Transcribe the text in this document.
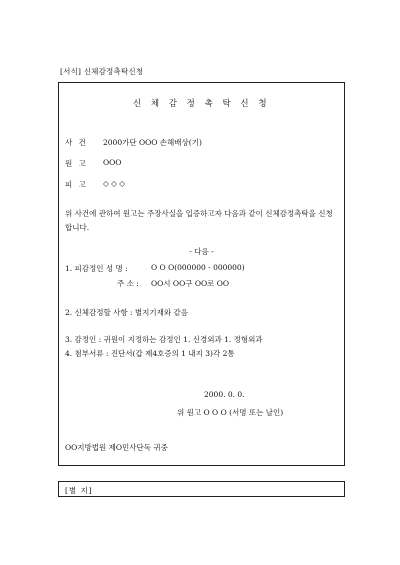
[서식] 신체감정촉탁신청
신 체 감 정 촉 탁 신 청
사 건 2000가단 OOO 손해배상(기)
원 고 OOO
피 고 ◇ ◇ ◇
위 사건에 관하여 원고는 주장사실을 입증하고자 다음과 같이 신체감정촉탁을 신청합니다.
- 다음 -
1. 피감정인 성 명 :	O O O(000000 - 000000)
주 소 : OO시 OO구 OO로 OO
2. 신체감정할 사항 : 별지기재와 같음
3. 감정인 : 귀원이 지정하는 감정인 1. 신경외과 1. 정형외과
4. 첨부서류 : 진단서(갑 제4호증의 1 내지 3)각 2통
2000. 0. 0.
위 원고 O O O (서명 또는 날인)
OO지방법원 제O민사단독 귀중
[별 지]
